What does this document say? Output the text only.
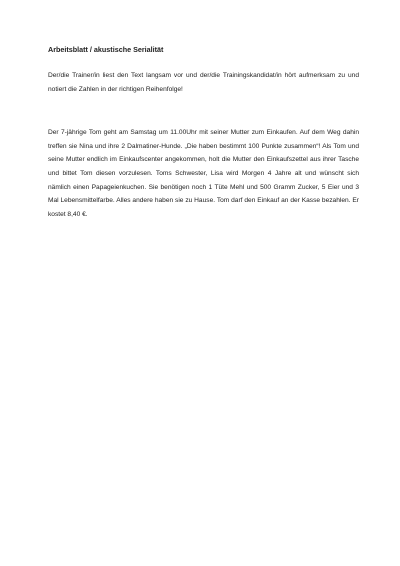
Arbeitsblatt / akustische Serialität

Der/die Trainer/in liest den Text langsam vor und der/die Trainingskandidat/in hört aufmerksam zu und notiert die Zahlen in der richtigen Reihenfolge!

Der 7-jährige Tom geht am Samstag um 11.00Uhr mit seiner Mutter zum Einkaufen. Auf dem Weg dahin treffen sie Nina und ihre 2 Dalmatiner-Hunde. „Die haben bestimmt 100 Punkte zusammen“! Als Tom und seine Mutter endlich im Einkaufscenter angekommen, holt die Mutter den Einkaufszettel aus ihrer Tasche und bittet Tom diesen vorzulesen. Toms Schwester, Lisa wird Morgen 4 Jahre alt und wünscht sich nämlich einen Papageienkuchen. Sie benötigen noch 1 Tüte Mehl und 500 Gramm Zucker, 5 Eier und 3 Mal Lebensmittelfarbe. Alles andere haben sie zu Hause. Tom darf den Einkauf an der Kasse bezahlen. Er kostet 8,40 €.
